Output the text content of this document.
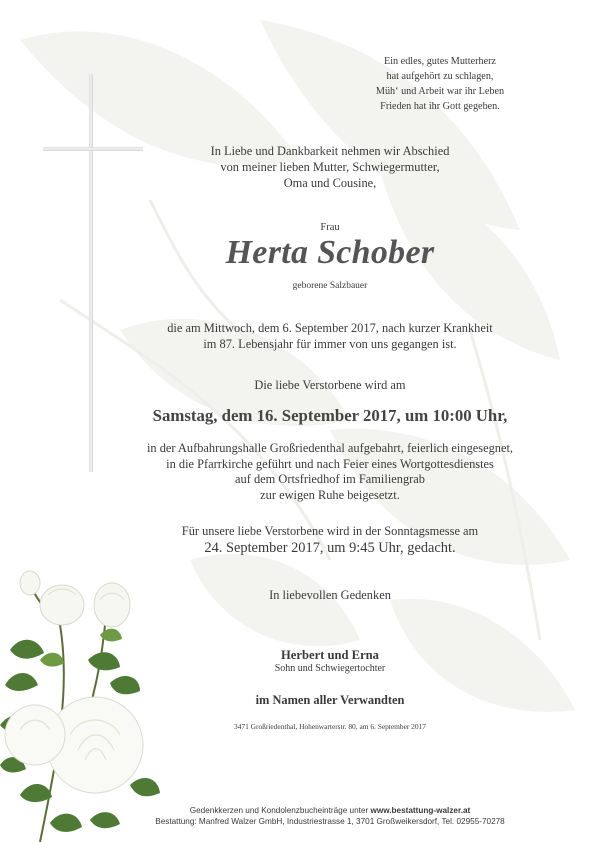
Ein edles, gutes Mutterherz
hat aufgehört zu schlagen,
Müh‘ und Arbeit war ihr Leben
Frieden hat ihr Gott gegeben.
In Liebe und Dankbarkeit nehmen wir Abschied
von meiner lieben Mutter, Schwiegermutter,
Oma und Cousine,
Frau
Herta Schober
geborene Salzbauer
die am Mittwoch, dem 6. September 2017, nach kurzer Krankheit
im 87. Lebensjahr für immer von uns gegangen ist.
Die liebe Verstorbene wird am
Samstag, dem 16. September 2017, um 10:00 Uhr,
in der Aufbahrungshalle Großriedenthal aufgebahrt, feierlich eingesegnet,
in die Pfarrkirche geführt und nach Feier eines Wortgottesdienstes
auf dem Ortsfriedhof im Familiengrab
zur ewigen Ruhe beigesetzt.
Für unsere liebe Verstorbene wird in der Sonntagsmesse am
24. September 2017, um 9:45 Uhr, gedacht.
In liebevollen Gedenken
Herbert und Erna
Sohn und Schwiegertochter
im Namen aller Verwandten
3471 Großriedenthal, Hohenwarterstr. 80, am 6. September 2017
Gedenkkerzen und Kondolenzbucheinträge unter www.bestattung-walzer.at
Bestattung: Manfred Walzer GmbH, Industriestrasse 1, 3701 Großweikersdorf, Tel. 02955-70278
